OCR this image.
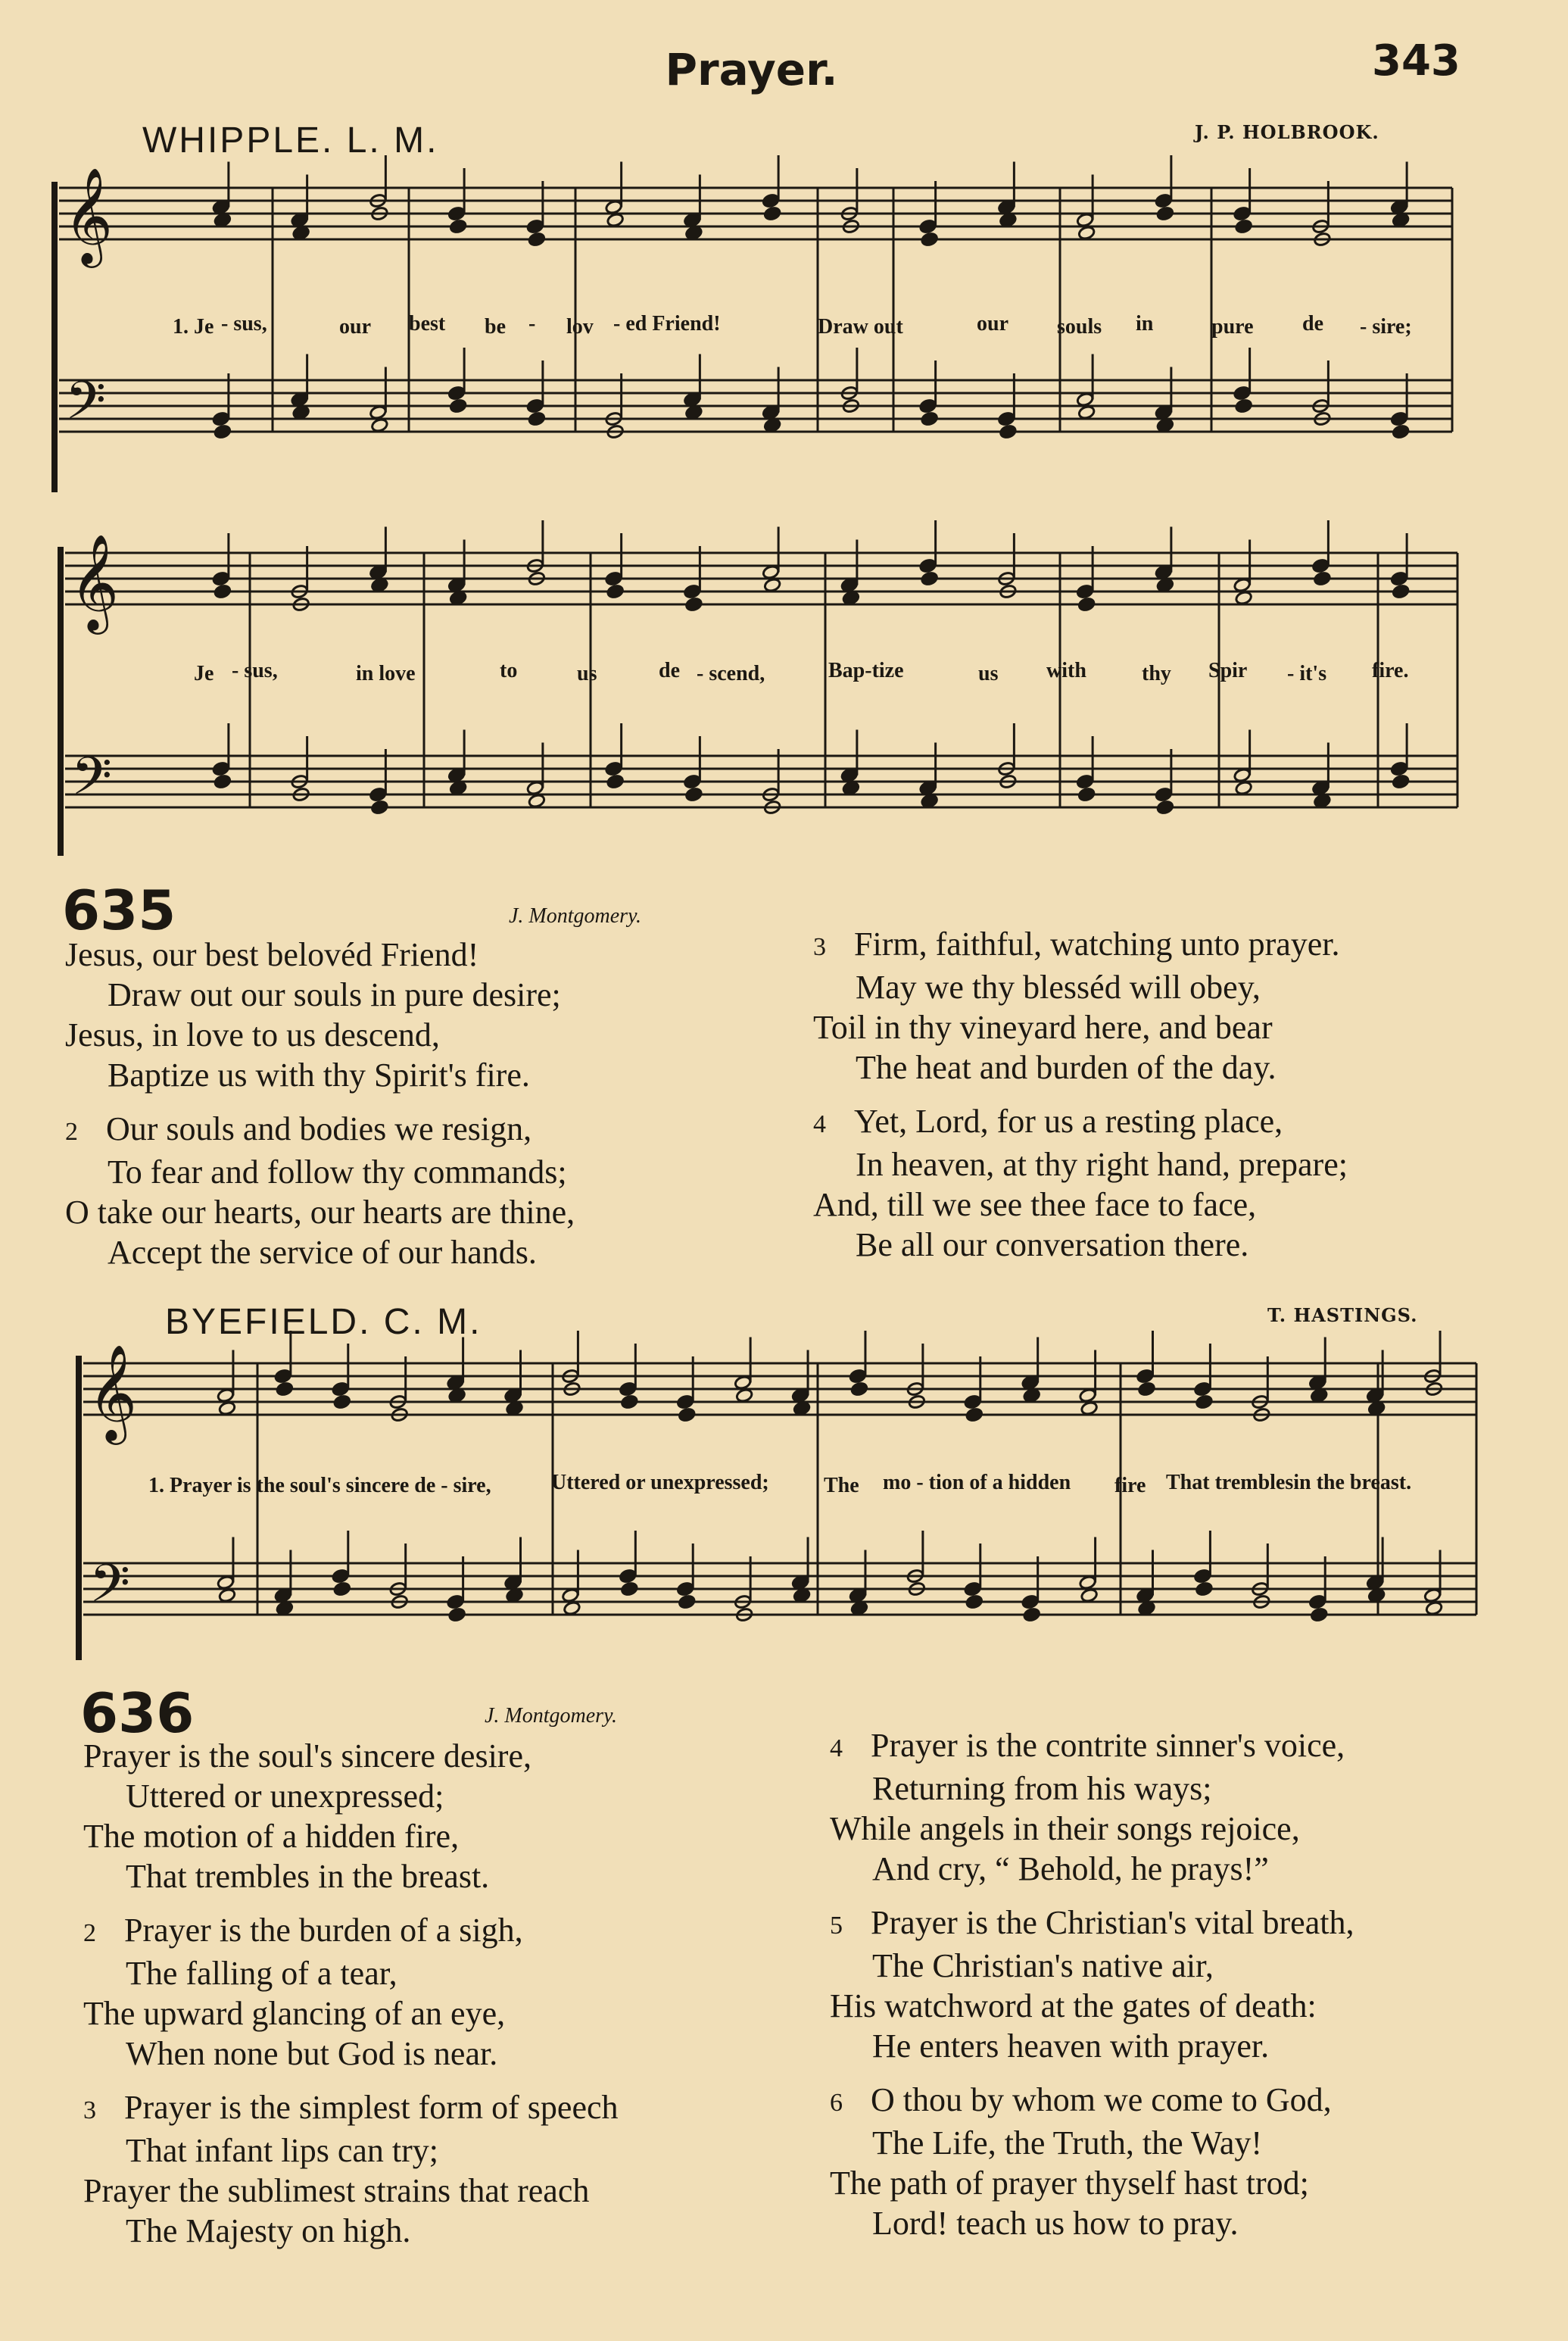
Prayer.	343
WHIPPLE. L. M.	J. P. HOLBROOK.
𝄞
𝄢
𝄞
𝄢
𝄞
𝄢
1. Je - sus,	our best be - lov - ed Friend!	Draw out	our souls in	pure de - sire;
Je - sus,	in love	to	us	de - scend,	Bap-tize	us with	thy Spir - it's fire.
635	J. Montgomery.
Jesus, our best belovéd Friend!
Draw out our souls in pure desire;
Jesus, in love to us descend,
Baptize us with thy Spirit's fire.
2 Our souls and bodies we resign,
To fear and follow thy commands;
O take our hearts, our hearts are thine,
Accept the service of our hands.
3 Firm, faithful, watching unto prayer.
May we thy blesséd will obey,
Toil in thy vineyard here, and bear
The heat and burden of the day.
4 Yet, Lord, for us a resting place,
In heaven, at thy right hand, prepare;
And, till we see thee face to face,
Be all our conversation there.
BYEFIELD. C. M.	T. HASTINGS.
1. Prayer is the soul's sincere de - sire,	Uttered or unexpressed;	The mo - tion of a hidden fire That tremblesin the breast.
636	J. Montgomery.
Prayer is the soul's sincere desire,
Uttered or unexpressed;
The motion of a hidden fire,
That trembles in the breast.
2 Prayer is the burden of a sigh,
The falling of a tear,
The upward glancing of an eye,
When none but God is near.
3 Prayer is the simplest form of speech
That infant lips can try;
Prayer the sublimest strains that reach
The Majesty on high.
4 Prayer is the contrite sinner's voice,
Returning from his ways;
While angels in their songs rejoice,
And cry, “ Behold, he prays!”
5 Prayer is the Christian's vital breath,
The Christian's native air,
His watchword at the gates of death:
He enters heaven with prayer.
6 O thou by whom we come to God,
The Life, the Truth, the Way!
The path of prayer thyself hast trod;
Lord! teach us how to pray.
